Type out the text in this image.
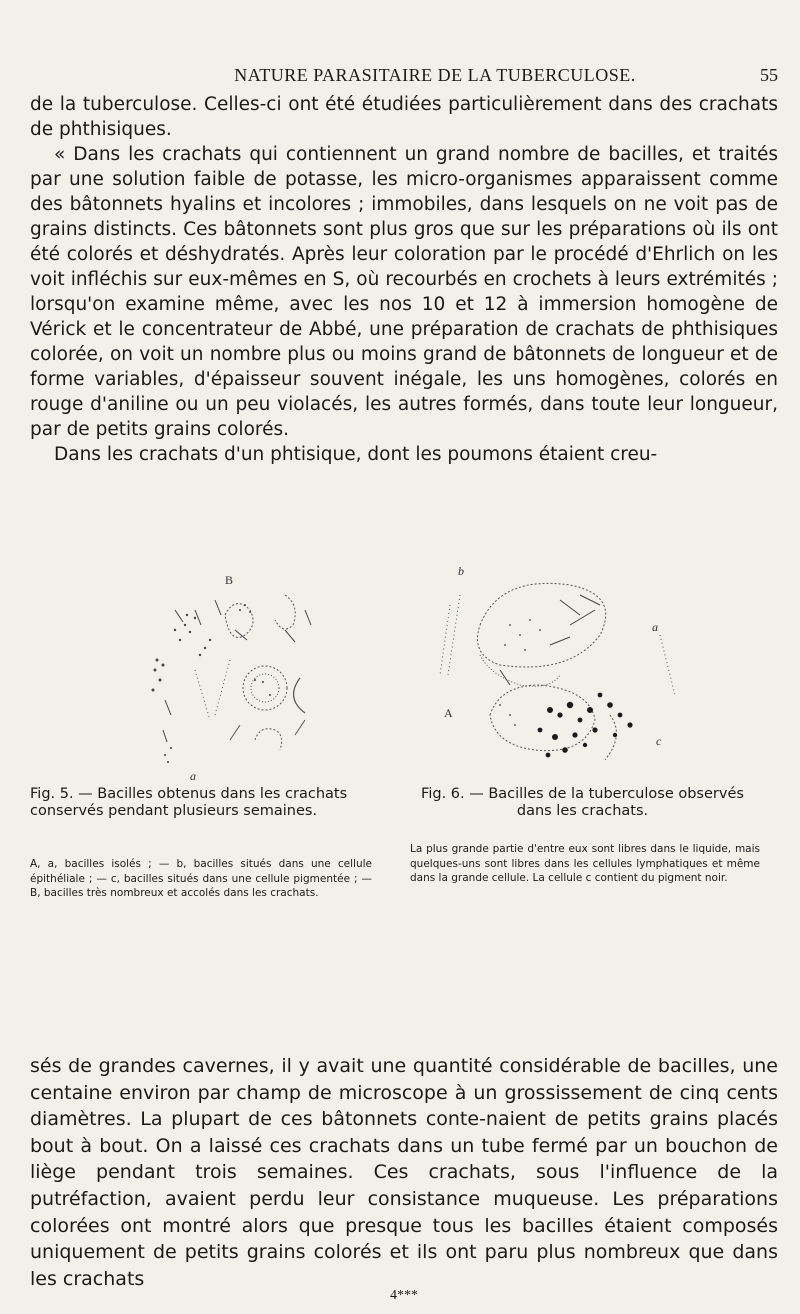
NATURE PARASITAIRE DE LA TUBERCULOSE.	55

de la tuberculose. Celles-ci ont été étudiées particulièrement dans des crachats de phthisiques.

« Dans les crachats qui contiennent un grand nombre de bacilles, et traités par une solution faible de potasse, les micro-organismes apparaissent comme des bâtonnets hyalins et incolores ; immobiles, dans lesquels on ne voit pas de grains distincts. Ces bâtonnets sont plus gros que sur les préparations où ils ont été colorés et déshydratés. Après leur coloration par le procédé d'Ehrlich on les voit infléchis sur eux-mêmes en S, où recourbés en crochets à leurs extrémités ; lorsqu'on examine même, avec les nos 10 et 12 à immersion homogène de Vérick et le concentrateur de Abbé, une préparation de crachats de phthisiques colorée, on voit un nombre plus ou moins grand de bâtonnets de longueur et de forme variables, d'épaisseur souvent inégale, les uns homogènes, colorés en rouge d'aniline ou un peu violacés, les autres formés, dans toute leur longueur, par de petits grains colorés.

Dans les crachats d'un phtisique, dont les poumons étaient creu-

B
a
b
a
A
c
Fig. 5. — Bacilles obtenus dans les crachats conservés pendant plusieurs semaines.
Fig. 6. — Bacilles de la tuberculose observés dans les crachats.
A, a, bacilles isolés ; — b, bacilles situés dans une cellule épithéliale ; — c, bacilles situés dans une cellule pigmentée ; — B, bacilles très nombreux et accolés dans les crachats.
La plus grande partie d'entre eux sont libres dans le liquide, mais quelques-uns sont libres dans les cellules lymphatiques et même dans la grande cellule. La cellule c contient du pigment noir.

sés de grandes cavernes, il y avait une quantité considérable de bacilles, une centaine environ par champ de microscope à un grossissement de cinq cents diamètres. La plupart de ces bâtonnets conte-naient de petits grains placés bout à bout. On a laissé ces crachats dans un tube fermé par un bouchon de liège pendant trois semaines. Ces crachats, sous l'influence de la putréfaction, avaient perdu leur consistance muqueuse. Les préparations colorées ont montré alors que presque tous les bacilles étaient composés uniquement de petits grains colorés et ils ont paru plus nombreux que dans les crachats

4***
